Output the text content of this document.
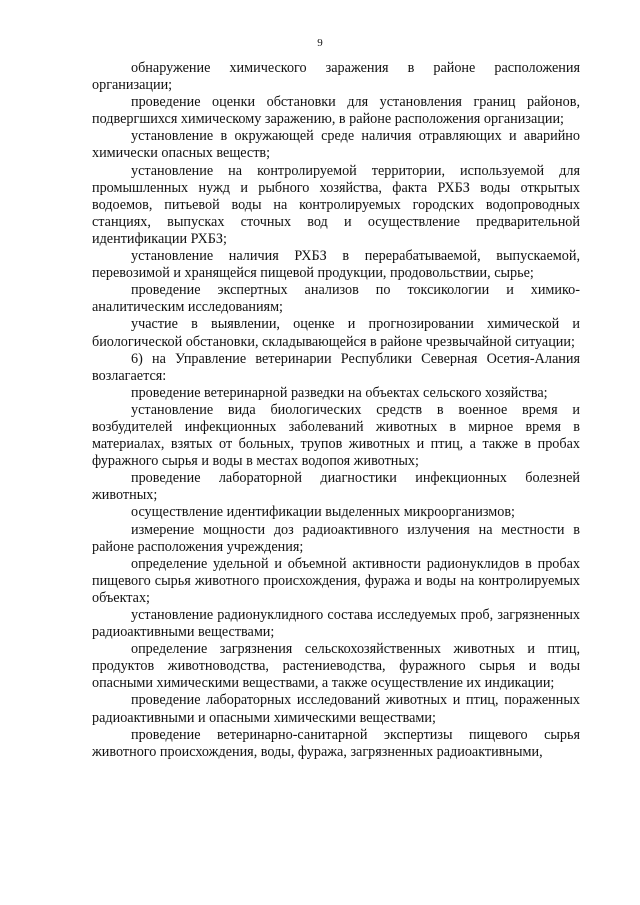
9

обнаружение химического заражения в районе расположения организации;

проведение оценки обстановки для установления границ районов, подвергшихся химическому заражению, в районе расположения организации;

установление в окружающей среде наличия отравляющих и аварийно химически опасных веществ;

установление на контролируемой территории, используемой для промышленных нужд и рыбного хозяйства, факта РХБЗ воды открытых водоемов, питьевой воды на контролируемых городских водопроводных станциях, выпусках сточных вод и осуществление предварительной идентификации РХБЗ;

установление наличия РХБЗ в перерабатываемой, выпускаемой, перевозимой и хранящейся пищевой продукции, продовольствии, сырье;

проведение экспертных анализов по токсикологии и химико-аналитическим исследованиям;

участие в выявлении, оценке и прогнозировании химической и биологической обстановки, складывающейся в районе чрезвычайной ситуации;

6) на Управление ветеринарии Республики Северная Осетия-Алания возлагается:

проведение ветеринарной разведки на объектах сельского хозяйства;

установление вида биологических средств в военное время и возбудителей инфекционных заболеваний животных в мирное время в материалах, взятых от больных, трупов животных и птиц, а также в пробах фуражного сырья и воды в местах водопоя животных;

проведение лабораторной диагностики инфекционных болезней животных;

осуществление идентификации выделенных микроорганизмов;

измерение мощности доз радиоактивного излучения на местности в районе расположения учреждения;

определение удельной и объемной активности радионуклидов в пробах пищевого сырья животного происхождения, фуража и воды на контролируемых объектах;

установление радионуклидного состава исследуемых проб, загрязненных радиоактивными веществами;

определение загрязнения сельскохозяйственных животных и птиц, продуктов животноводства, растениеводства, фуражного сырья и воды опасными химическими веществами, а также осуществление их индикации;

проведение лабораторных исследований животных и птиц, пораженных радиоактивными и опасными химическими веществами;

проведение ветеринарно-санитарной экспертизы пищевого сырья животного происхождения, воды, фуража, загрязненных радиоактивными,
